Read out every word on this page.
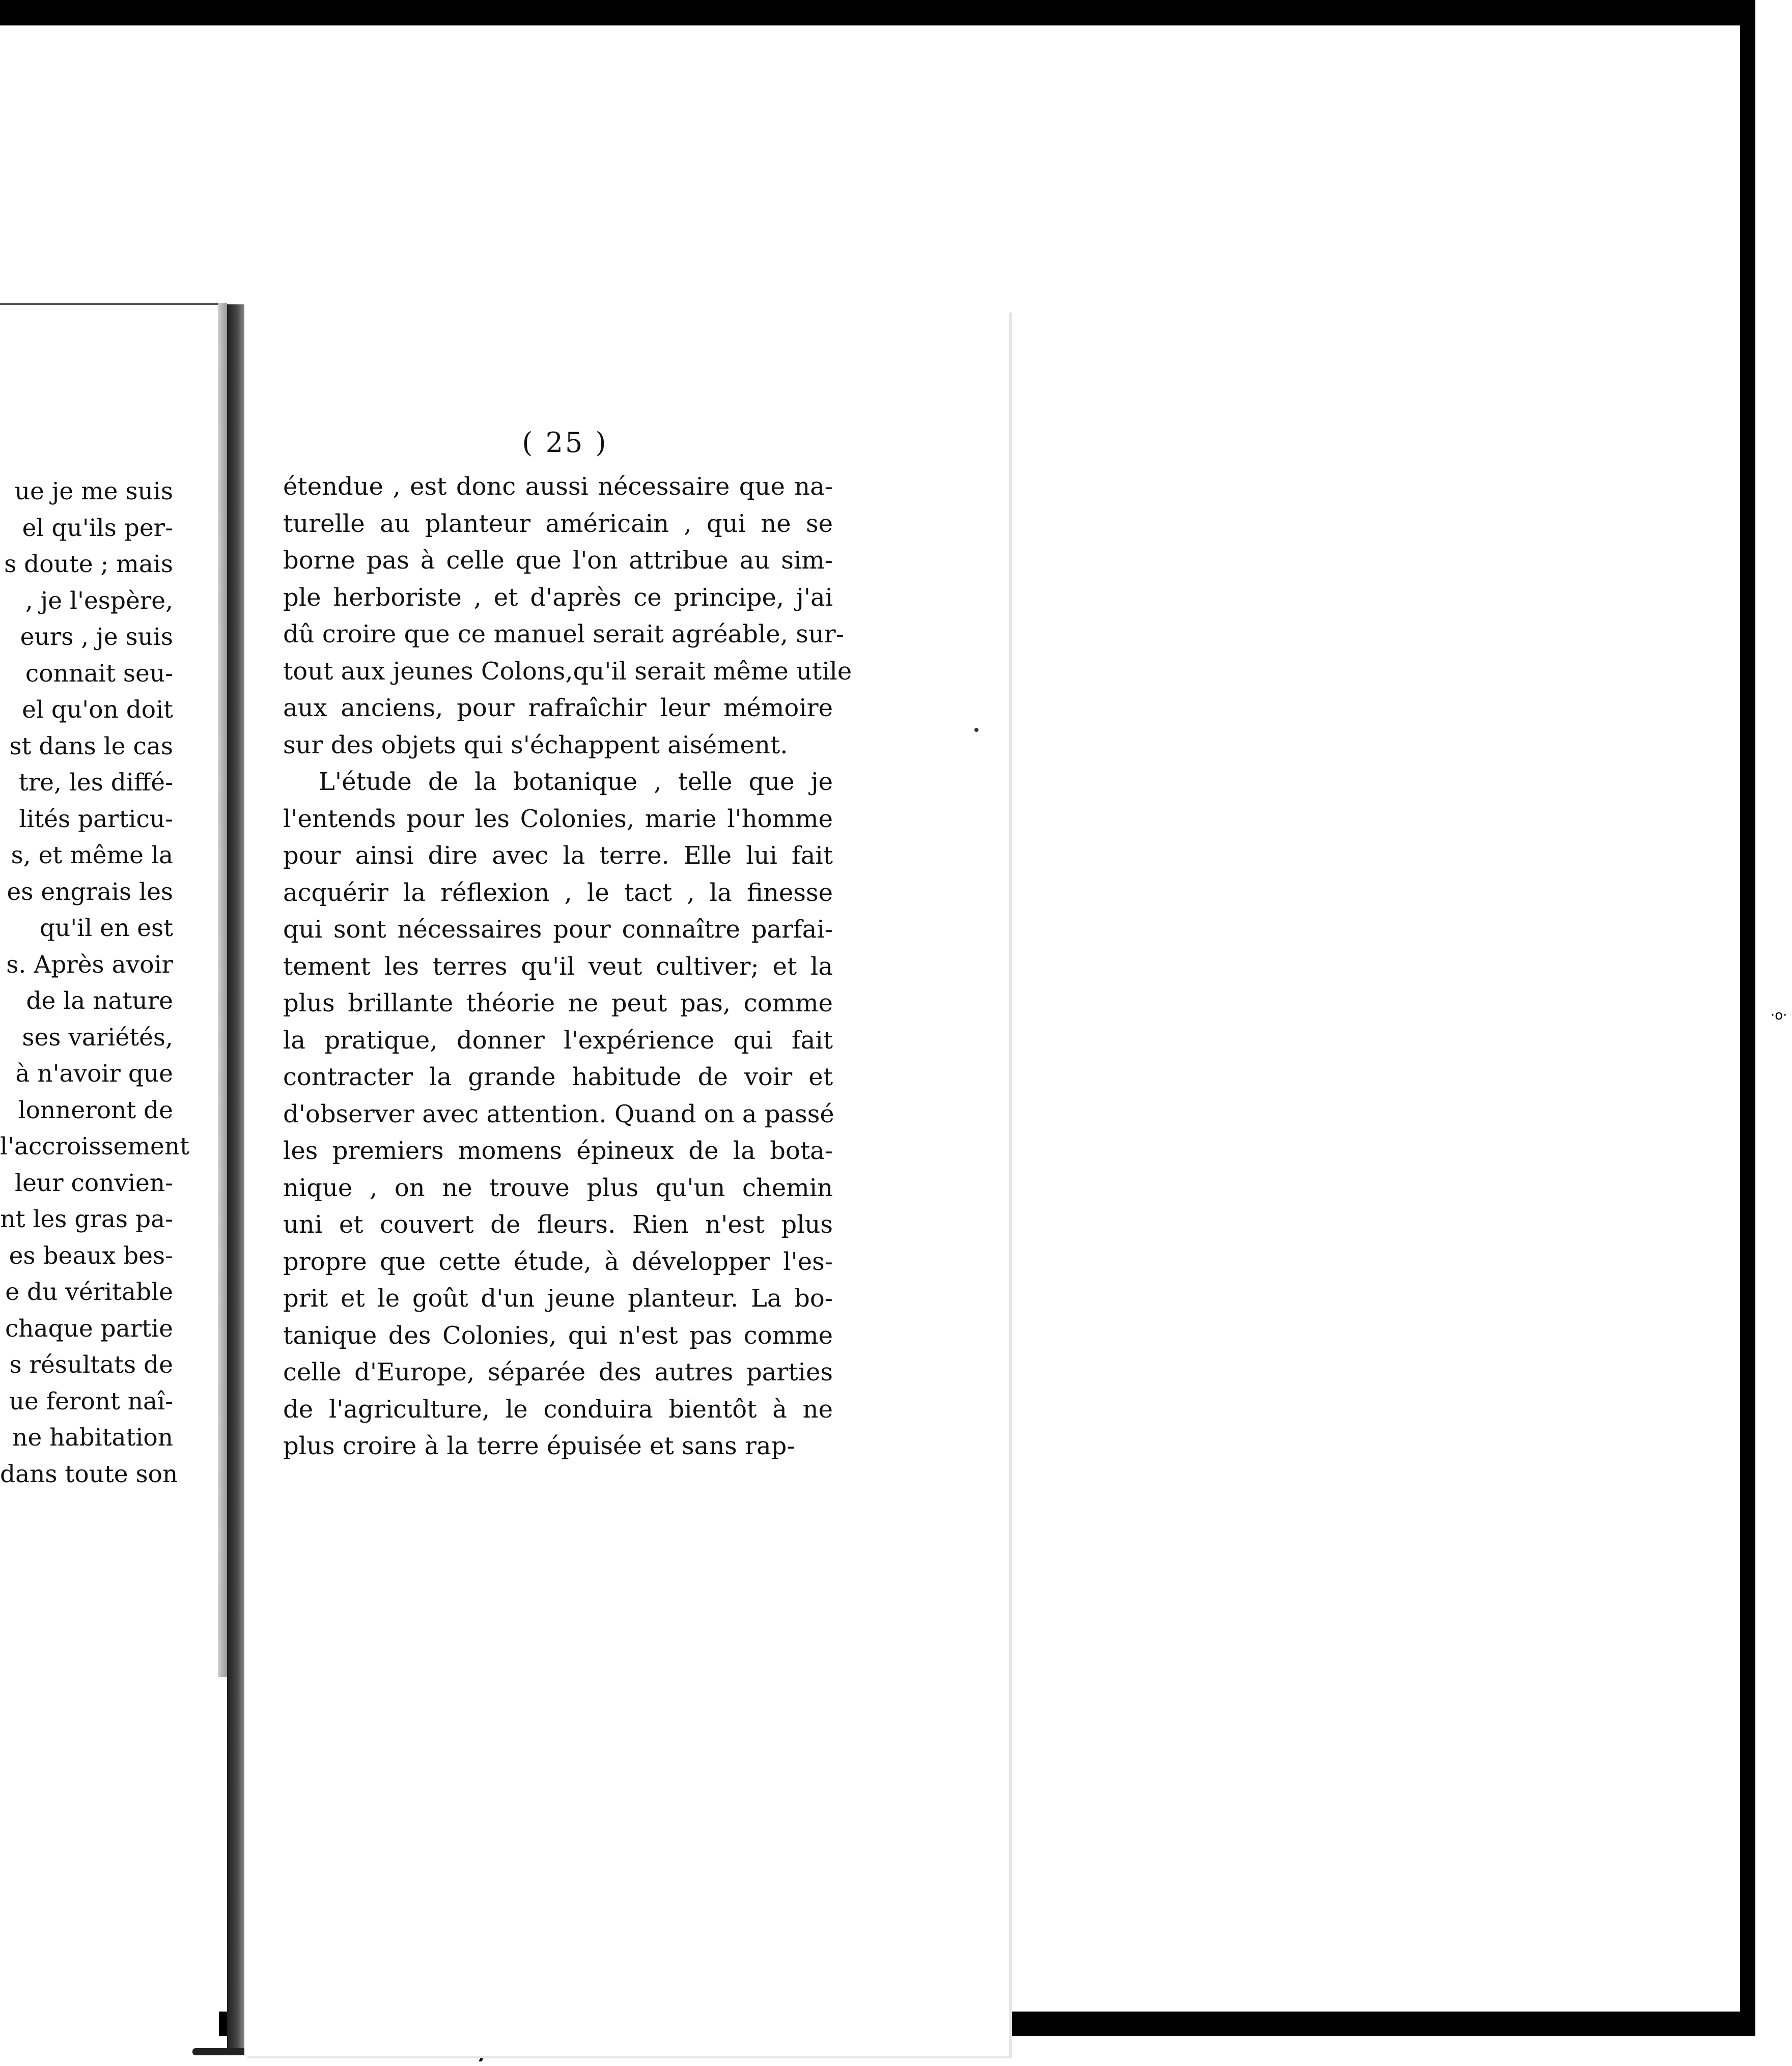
·o·
ue je me suis
el qu'ils per-
s doute ; mais
, je l'espère,
eurs , je suis
connait seu-
el qu'on doit
st dans le cas
tre, les diffé-
lités particu-
s, et même la
es engrais les
qu'il en est
s. Après avoir
de la nature
ses variétés,
à n'avoir que
lonneront de
l'accroissement
leur convien-
nt les gras pa-
es beaux bes-
e du véritable
chaque partie
s résultats de
ue feront naî-
ne habitation
dans toute son
( 25 )
étendue , est donc aussi nécessaire que na-
turelle au planteur américain , qui ne se
borne pas à celle que l'on attribue au sim-
ple herboriste , et d'après ce principe, j'ai
dû croire que ce manuel serait agréable, sur-
tout aux jeunes Colons,qu'il serait même utile
aux anciens, pour rafraîchir leur mémoire
sur des objets qui s'échappent aisément.
L'étude de la botanique , telle que je
l'entends pour les Colonies, marie l'homme
pour ainsi dire avec la terre. Elle lui fait
acquérir la réflexion , le tact , la finesse
qui sont nécessaires pour connaître parfai-
tement les terres qu'il veut cultiver; et la
plus brillante théorie ne peut pas, comme
la pratique, donner l'expérience qui fait
contracter la grande habitude de voir et
d'observer avec attention. Quand on a passé
les premiers momens épineux de la bota-
nique , on ne trouve plus qu'un chemin
uni et couvert de fleurs. Rien n'est plus
propre que cette étude, à développer l'es-
prit et le goût d'un jeune planteur. La bo-
tanique des Colonies, qui n'est pas comme
celle d'Europe, séparée des autres parties
de l'agriculture, le conduira bientôt à ne
plus croire à la terre épuisée et sans rap-
